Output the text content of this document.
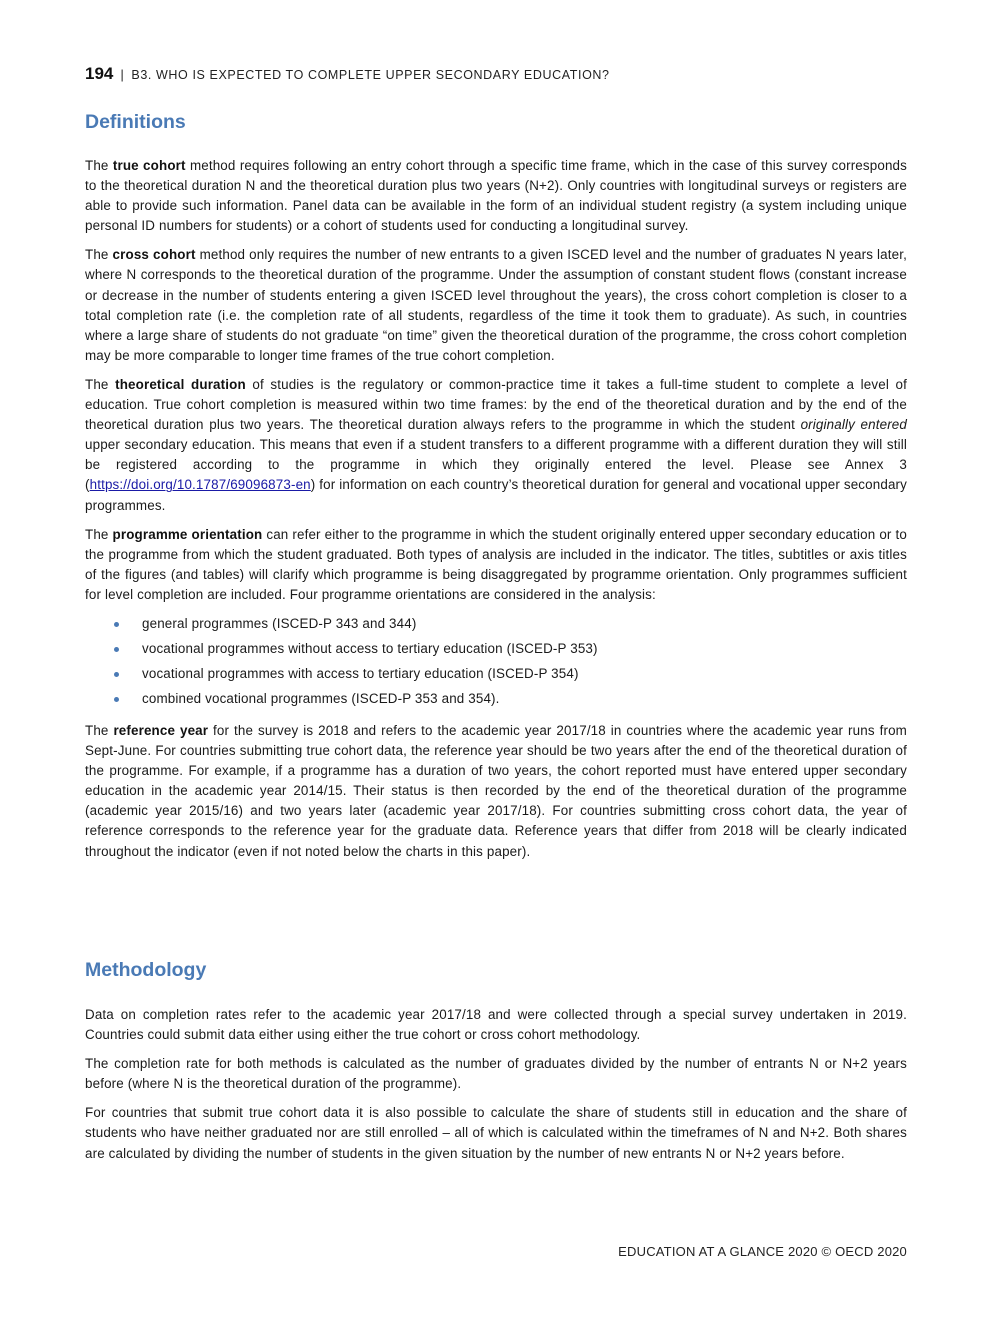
194 | B3. WHO IS EXPECTED TO COMPLETE UPPER SECONDARY EDUCATION?
Definitions

The true cohort method requires following an entry cohort through a specific time frame, which in the case of this survey corresponds to the theoretical duration N and the theoretical duration plus two years (N+2). Only countries with longitudinal surveys or registers are able to provide such information. Panel data can be available in the form of an individual student registry (a system including unique personal ID numbers for students) or a cohort of students used for conducting a longitudinal survey.

The cross cohort method only requires the number of new entrants to a given ISCED level and the number of graduates N years later, where N corresponds to the theoretical duration of the programme. Under the assumption of constant student flows (constant increase or decrease in the number of students entering a given ISCED level throughout the years), the cross cohort completion is closer to a total completion rate (i.e. the completion rate of all students, regardless of the time it took them to graduate). As such, in countries where a large share of students do not graduate “on time” given the theoretical duration of the programme, the cross cohort completion may be more comparable to longer time frames of the true cohort completion.

The theoretical duration of studies is the regulatory or common-practice time it takes a full-time student to complete a level of education. True cohort completion is measured within two time frames: by the end of the theoretical duration and by the end of the theoretical duration plus two years. The theoretical duration always refers to the programme in which the student originally entered upper secondary education. This means that even if a student transfers to a different programme with a different duration they will still be registered according to the programme in which they originally entered the level. Please see Annex 3 (https://doi.org/10.1787/69096873-en) for information on each country’s theoretical duration for general and vocational upper secondary programmes.

The programme orientation can refer either to the programme in which the student originally entered upper secondary education or to the programme from which the student graduated. Both types of analysis are included in the indicator. The titles, subtitles or axis titles of the figures (and tables) will clarify which programme is being disaggregated by programme orientation. Only programmes sufficient for level completion are included. Four programme orientations are considered in the analysis:

general programmes (ISCED-P 343 and 344)
vocational programmes without access to tertiary education (ISCED-P 353)
vocational programmes with access to tertiary education (ISCED-P 354)
combined vocational programmes (ISCED-P 353 and 354).

The reference year for the survey is 2018 and refers to the academic year 2017/18 in countries where the academic year runs from Sept-June. For countries submitting true cohort data, the reference year should be two years after the end of the theoretical duration of the programme. For example, if a programme has a duration of two years, the cohort reported must have entered upper secondary education in the academic year 2014/15. Their status is then recorded by the end of the theoretical duration of the programme (academic year 2015/16) and two years later (academic year 2017/18). For countries submitting cross cohort data, the year of reference corresponds to the reference year for the graduate data. Reference years that differ from 2018 will be clearly indicated throughout the indicator (even if not noted below the charts in this paper).

Methodology

Data on completion rates refer to the academic year 2017/18 and were collected through a special survey undertaken in 2019. Countries could submit data either using either the true cohort or cross cohort methodology.

The completion rate for both methods is calculated as the number of graduates divided by the number of entrants N or N+2 years before (where N is the theoretical duration of the programme).

For countries that submit true cohort data it is also possible to calculate the share of students still in education and the share of students who have neither graduated nor are still enrolled – all of which is calculated within the timeframes of N and N+2. Both shares are calculated by dividing the number of students in the given situation by the number of new entrants N or N+2 years before.

EDUCATION AT A GLANCE 2020 © OECD 2020
